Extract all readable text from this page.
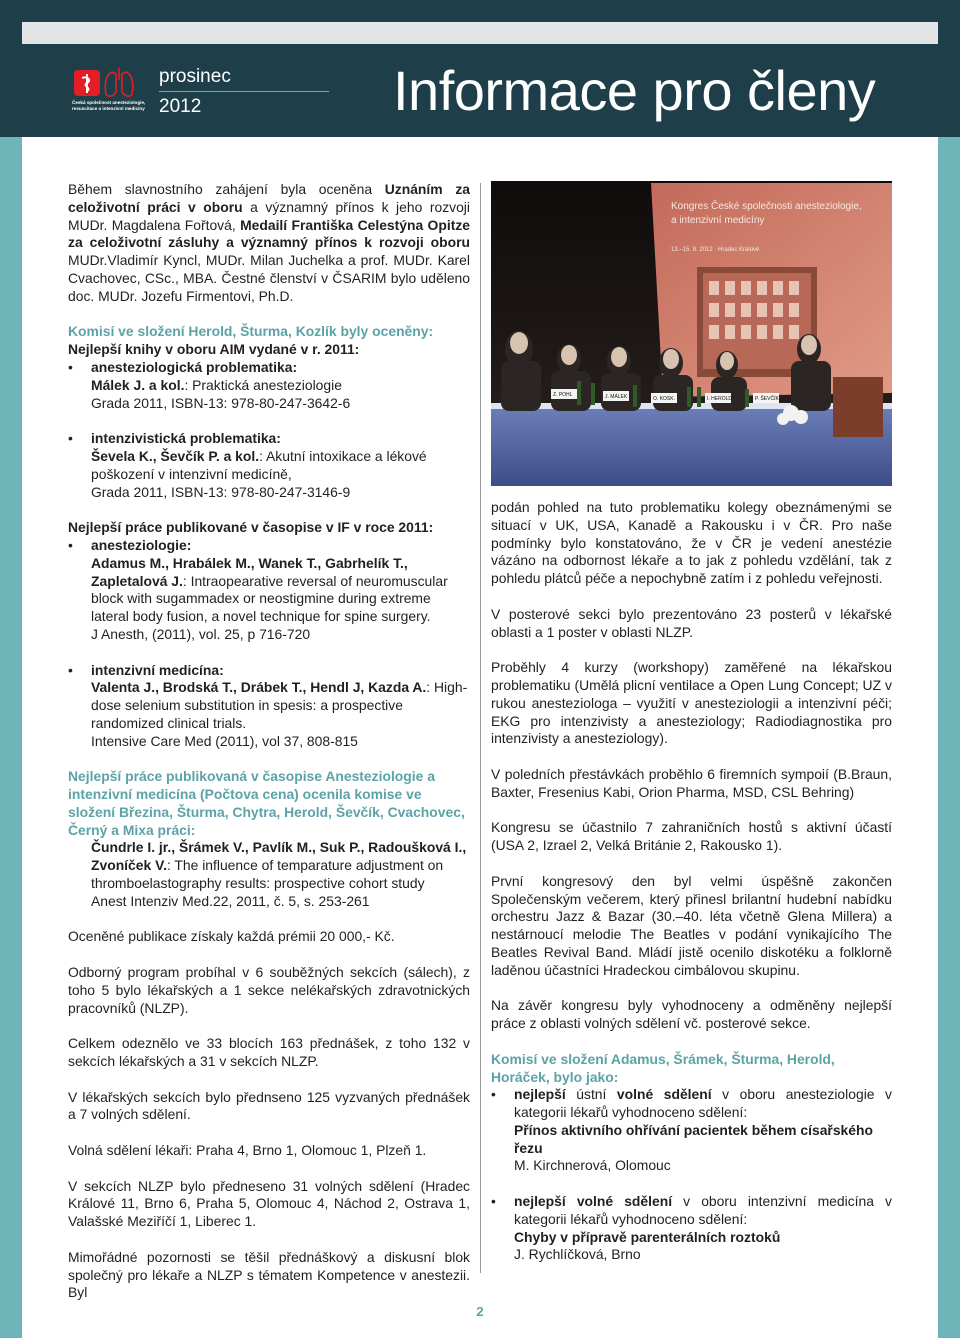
Česká společnost anesteziologie, resuscitace a intenzivní medicíny
prosinec
2012	Informace pro členy

Během slavnostního zahájení byla oceněna Uznáním za celoživotní práci v oboru a významný přínos k jeho rozvoji MUDr. Magdalena Fořtová, Medailí Františka Celestýna Opitze za celoživotní zásluhy a významný přínos k rozvoji oboru MUDr.Vladimír Kyncl, MUDr. Milan Juchelka a prof. MUDr. Karel Cvachovec, CSc., MBA. Čestné členství v ČSARIM bylo uděleno doc. MUDr. Jozefu Firmentovi, Ph.D.

Komisí ve složení Herold, Šturma, Kozlík byly oceněny:
Nejlepší knihy v oboru AIM vydané v r. 2011:
• anesteziologická problematika:
Málek J. a kol.: Praktická anesteziologie
Grada 2011, ISBN-13: 978-80-247-3642-6
• intenzivistická problematika:
Ševela K., Ševčík P. a kol.: Akutní intoxikace a lékové poškození v intenzivní medicíně,
Grada 2011, ISBN-13: 978-80-247-3146-9
Nejlepší práce publikované v časopise v IF v roce 2011:
• anesteziologie:
Adamus M., Hrabálek M., Wanek T., Gabrhelík T., Zapletalová J.: Intraopearative reversal of neuromuscular block with sugammadex or neostigmine during extreme lateral body fusion, a novel technique for spine surgery.
J Anesth, (2011), vol. 25, p 716-720
• intenzivní medicína:
Valenta J., Brodská T., Drábek T., Hendl J, Kazda A.: High-dose selenium substitution in spesis: a prospective randomized clinical trials.
Intensive Care Med (2011), vol 37, 808-815
Nejlepší práce publikovaná v časopise Anesteziologie a intenzivní medicína (Počtova cena) ocenila komise ve složení Březina, Šturma, Chytra, Herold, Ševčík, Cvachovec, Černý a Mixa práci:
Čundrle I. jr., Šrámek V., Pavlík M., Suk P., Radoušková I., Zvoníček V.: The influence of temparature adjustment on thromboelastography results: prospective cohort study
Anest Intenziv Med.22, 2011, č. 5, s. 253-261

Oceněné publikace získaly každá prémii 20 000,- Kč.

Odborný program probíhal v 6 souběžných sekcích (sálech), z toho 5 bylo lékařských a 1 sekce nelékařských zdravotnických pracovníků (NLZP).

Celkem odeznělo ve 33 blocích 163 přednášek, z toho 132 v sekcích lékařských a 31 v sekcích NLZP.

V lékařských sekcích bylo přednseno 125 vyzvaných přednášek a 7 volných sdělení.

Volná sdělení lékaři: Praha 4, Brno 1, Olomouc 1, Plzeň 1.

V sekcích NLZP bylo předneseno 31 volných sdělení (Hradec Králové 11, Brno 6, Praha 5, Olomouc 4, Náchod 2, Ostrava 1, Valašské Meziříčí 1, Liberec 1.

Mimořádné pozornosti se těšil přednáškový a diskusní blok společný pro lékaře a NLZP s tématem Kompetence v anestezii. Byl

Kongres České společnosti anesteziologie,
a intenzivní medicíny
13.–15. 9. 2012 · Hradec Králové
Z. POHL	J. MÁLEK	O. KOSK.	I. HEROLD	P. ŠEVČÍK

podán pohled na tuto problematiku kolegy obeznámenými se situací v UK, USA, Kanadě a Rakousku i v ČR. Pro naše podmínky bylo konstatováno, že v ČR je vedení anestézie vázáno na odbornost lékaře a to jak z pohledu vzdělání, tak z pohledu plátců péče a nepochybně zatím i z pohledu veřejnosti.

V posterové sekci bylo prezentováno 23 posterů v lékařské oblasti a 1 poster v oblasti NLZP.

Proběhly 4 kurzy (workshopy) zaměřené na lékařskou problematiku (Umělá plicní ventilace a Open Lung Concept; UZ v rukou anesteziologa – využití v anesteziologii a intenzivní péči; EKG pro intenzivisty a anesteziology; Radiodiagnostika pro intenzivisty a anesteziology).

V poledních přestávkách proběhlo 6 firemních sympoií (B.Braun, Baxter, Fresenius Kabi, Orion Pharma, MSD, CSL Behring)

Kongresu se účastnilo 7 zahraničních hostů s aktivní účastí (USA 2, Izrael 2, Velká Británie 2, Rakousko 1).

První kongresový den byl velmi úspěšně zakončen Společenským večerem, který přinesl brilantní hudební nabídku orchestru Jazz & Bazar (30.–40. léta včetně Glena Millera) a nestárnoucí melodie The Beatles v podání vynikajícího The Beatles Revival Band. Mládí jistě ocenilo diskotéku a folklorně laděnou účastníci Hradeckou cimbálovou skupinu.

Na závěr kongresu byly vyhodnoceny a odměněny nejlepší práce z oblasti volných sdělení vč. posterové sekce.

Komisí ve složení Adamus, Šrámek, Šturma, Herold, Horáček, bylo jako:
• nejlepší ústní volné sdělení v oboru anesteziologie v kategorii lékařů vyhodnoceno sdělení:
Přínos aktivního ohřívání pacientek během císařského řezu
M. Kirchnerová, Olomouc
• nejlepší volné sdělení v oboru intenzivní medicína v kategorii lékařů vyhodnoceno sdělení:
Chyby v přípravě parenterálních roztoků
J. Rychlíčková, Brno
2
